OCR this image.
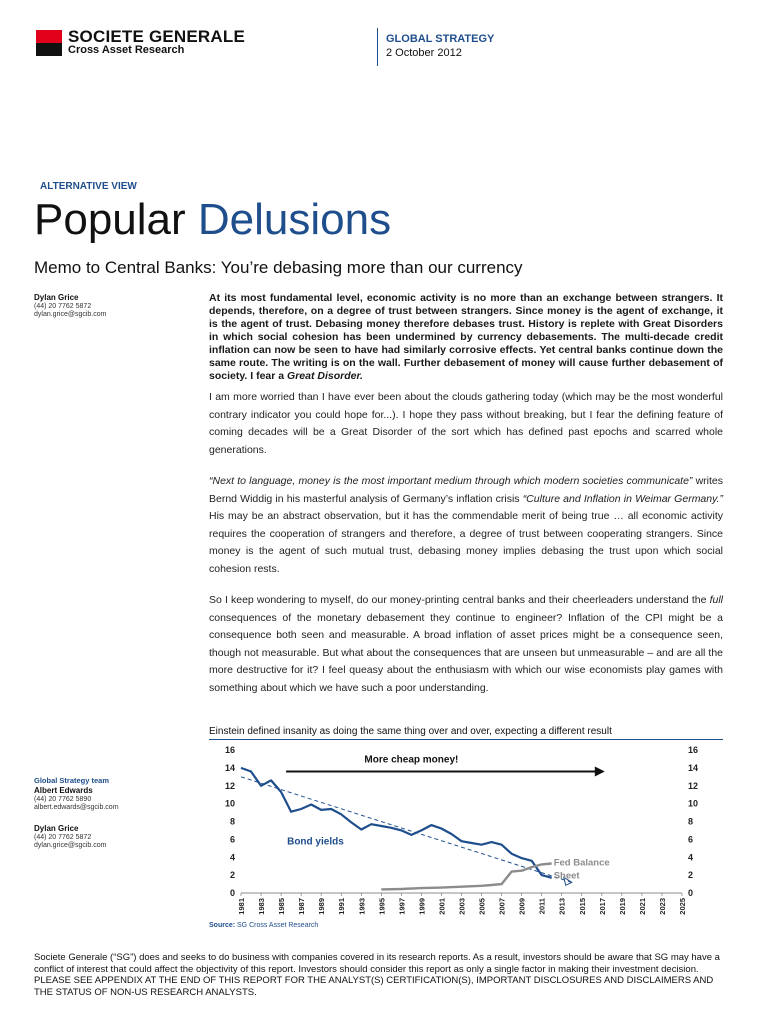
SOCIETE GENERALE
Cross Asset Research
GLOBAL STRATEGY
2 October 2012
ALTERNATIVE VIEW
Popular Delusions
Memo to Central Banks: You’re debasing more than our currency
Dylan Grice
(44) 20 7762 5872
dylan.grice@sgcib.com

At its most fundamental level, economic activity is no more than an exchange between strangers. It depends, therefore, on a degree of trust between strangers. Since money is the agent of exchange, it is the agent of trust. Debasing money therefore debases trust. History is replete with Great Disorders in which social cohesion has been undermined by currency debasements. The multi-decade credit inflation can now be seen to have had similarly corrosive effects. Yet central banks continue down the same route. The writing is on the wall. Further debasement of money will cause further debasement of society. I fear a Great Disorder.

I am more worried than I have ever been about the clouds gathering today (which may be the most wonderful contrary indicator you could hope for...). I hope they pass without breaking, but I fear the defining feature of coming decades will be a Great Disorder of the sort which has defined past epochs and scarred whole generations.

“Next to language, money is the most important medium through which modern societies communicate” writes Bernd Widdig in his masterful analysis of Germany’s inflation crisis “Culture and Inflation in Weimar Germany.” His may be an abstract observation, but it has the commendable merit of being true … all economic activity requires the cooperation of strangers and therefore, a degree of trust between cooperating strangers. Since money is the agent of such mutual trust, debasing money implies debasing the trust upon which social cohesion rests.

So I keep wondering to myself, do our money-printing central banks and their cheerleaders understand the full consequences of the monetary debasement they continue to engineer? Inflation of the CPI might be a consequence both seen and measurable. A broad inflation of asset prices might be a consequence seen, though not measurable. But what about the consequences that are unseen but unmeasurable – and are all the more destructive for it? I feel queasy about the enthusiasm with which our wise economists play games with something about which we have such a poor understanding.

Einstein defined insanity as doing the same thing over and over, expecting a different result
0	0
2	2
4	4
6	6
8	8
10	10
12	12
14	14
16	16
1981 1983 1985 1987 1989 1991 1993 1995 1997 1999 2001 2003 2005 2007 2009 2011 2013 2015 2017 2019 2021 2023 2025
More cheap money!
Bond yields
Fed Balance
Sheet
Source: SG Cross Asset Research
Global Strategy team
Albert Edwards
(44) 20 7762 5890
albert.edwards@sgcib.com
Dylan Grice
(44) 20 7762 5872
dylan.grice@sgcib.com
Societe Generale (“SG”) does and seeks to do business with companies covered in its research reports. As a result, investors should be aware that SG may have a conflict of interest that could affect the objectivity of this report. Investors should consider this report as only a single factor in making their investment decision. PLEASE SEE APPENDIX AT THE END OF THIS REPORT FOR THE ANALYST(S) CERTIFICATION(S), IMPORTANT DISCLOSURES AND DISCLAIMERS AND THE STATUS OF NON-US RESEARCH ANALYSTS.
